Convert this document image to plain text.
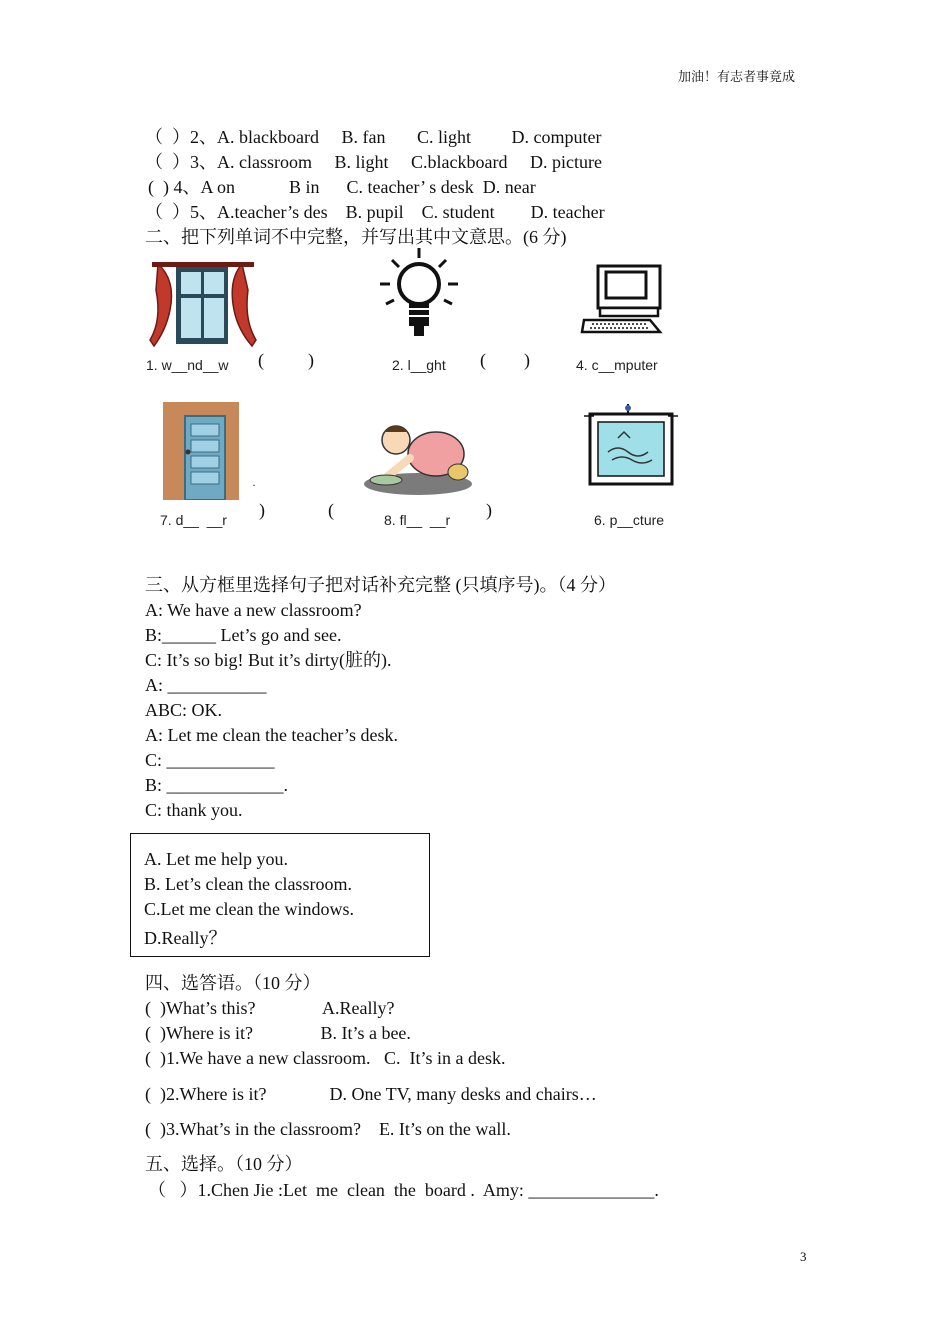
加油！有志者事竟成
（  ）2、A. blackboard     B. fan       C. light         D. computer
（  ）3、A. classroom     B. light     C.blackboard     D. picture
(  ) 4、A on            B in      C. teacher’ s desk  D. near
（  ）5、A.teacher’s des    B. pupil    C. student        D. teacher
二、把下列单词不中完整，并写出其中文意思。(6 分)
1. w__nd__w ( )	2. l__ght ( )	4. c__mputer
·
7. d__  __r )	(	8. fl__  __r )	6. p__cture
三、从方框里选择句子把对话补充完整 (只填序号)。（4 分）
A: We have a new classroom?
B:______ Let’s go and see.
C: It’s so big! But it’s dirty(脏的).
A: ___________
ABC: OK.
A: Let me clean the teacher’s desk.
C: ____________
B: _____________.
C: thank you.
A. Let me help you.
B. Let’s clean the classroom.
C.Let me clean the windows.
D.Really？
四、选答语。（10 分）
(  )What’s this?               A.Really?
(  )Where is it?               B. It’s a bee.
(  )1.We have a new classroom.   C.  It’s in a desk.
(  )2.Where is it?              D. One TV, many desks and chairs…
(  )3.What’s in the classroom?    E. It’s on the wall.
五、选择。（10 分）
（   ）1.Chen Jie :Let  me  clean  the  board .  Amy: ______________.
3
